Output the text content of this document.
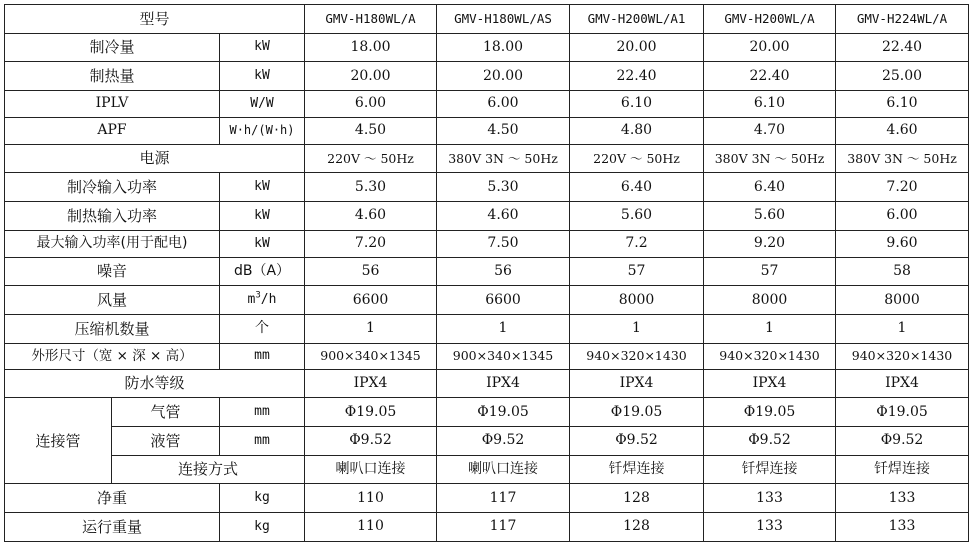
型号			GMV-H180WL/A	GMV-H180WL/AS	GMV-H200WL/A1	GMV-H200WL/A	GMV-H224WL/A
制冷量		kW	18.00	18.00	20.00	20.00	22.40
制热量		kW	20.00	20.00	22.40	22.40	25.00
IPLV		W/W	6.00	6.00	6.10	6.10	6.10
APF		W·h/(W·h)	4.50	4.50	4.80	4.70	4.60
电源			220V ～ 50Hz	380V 3N ～ 50Hz	220V ～ 50Hz	380V 3N ～ 50Hz	380V 3N ～ 50Hz
制冷输入功率		kW	5.30	5.30	6.40	6.40	7.20
制热输入功率		kW	4.60	4.60	5.60	5.60	6.00
最大输入功率(用于配电)		kW	7.20	7.50	7.2	9.20	9.60
噪音		dB（A）	56	56	57	57	58
风量		$m^3/h$	6600	6600	8000	8000	8000
压缩机数量		个	1	1	1	1	1
外形尺寸（宽 × 深 × 高）		mm	900×340×1345	900×340×1345	940×320×1430	940×320×1430	940×320×1430
防水等级			IPX4	IPX4	IPX4	IPX4	IPX4
连接管	气管	mm	Φ19.05	Φ19.05	Φ19.05	Φ19.05	Φ19.05
	液管	mm	Φ9.52	Φ9.52	Φ9.52	Φ9.52	Φ9.52
	连接方式		喇叭口连接	喇叭口连接	钎焊连接	钎焊连接	钎焊连接
净重		kg	110	117	128	133	133
运行重量		kg	110	117	128	133	133
